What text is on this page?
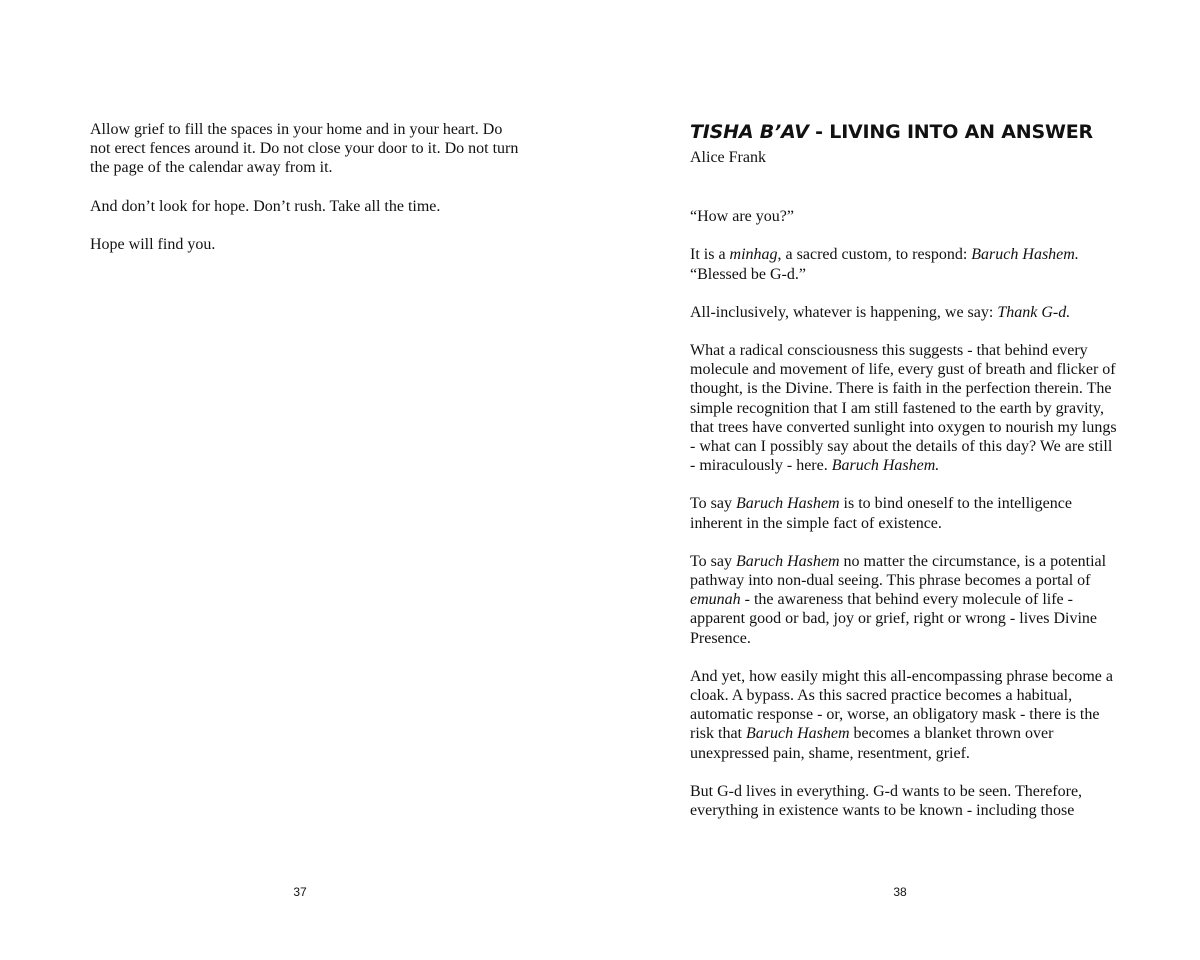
Allow grief to fill the spaces in your home and in your heart. Do not erect fences around it. Do not close your door to it. Do not turn the page of the calendar away from it.

And don’t look for hope. Don’t rush. Take all the time.

Hope will find you.

37
TISHA B’AV - LIVING INTO AN ANSWER

Alice Frank

“How are you?”

It is a minhag, a sacred custom, to respond: Baruch Hashem. “Blessed be G-d.”

All-inclusively, whatever is happening, we say: Thank G-d.

What a radical consciousness this suggests - that behind every molecule and movement of life, every gust of breath and flicker of thought, is the Divine. There is faith in the perfection therein. The simple recognition that I am still fastened to the earth by gravity, that trees have converted sunlight into oxygen to nourish my lungs - what can I possibly say about the details of this day? We are still - miraculously - here. Baruch Hashem.

To say Baruch Hashem is to bind oneself to the intelligence inherent in the simple fact of existence.

To say Baruch Hashem no matter the circumstance, is a potential pathway into non-dual seeing. This phrase becomes a portal of emunah - the awareness that behind every molecule of life - apparent good or bad, joy or grief, right or wrong - lives Divine Presence.

And yet, how easily might this all-encompassing phrase become a cloak. A bypass. As this sacred practice becomes a habitual, automatic response - or, worse, an obligatory mask - there is the risk that Baruch Hashem becomes a blanket thrown over unexpressed pain, shame, resentment, grief.

But G-d lives in everything. G-d wants to be seen. Therefore, everything in existence wants to be known - including those

38
